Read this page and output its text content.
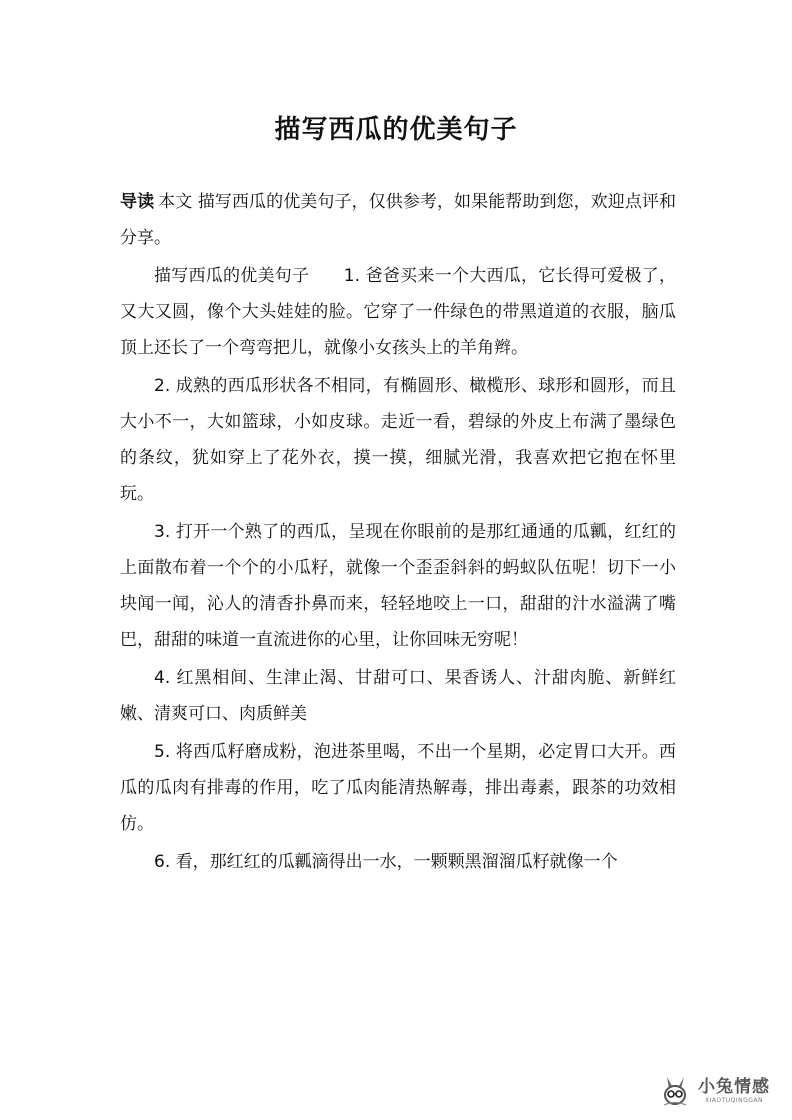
描写西瓜的优美句子

导读 本文 描写西瓜的优美句子，仅供参考，如果能帮助到您，欢迎点评和分享。

描写西瓜的优美句子　　1. 爸爸买来一个大西瓜，它长得可爱极了，又大又圆，像个大头娃娃的脸。它穿了一件绿色的带黑道道的衣服，脑瓜顶上还长了一个弯弯把儿，就像小女孩头上的羊角辫。

2. 成熟的西瓜形状各不相同，有椭圆形、橄榄形、球形和圆形，而且大小不一，大如篮球，小如皮球。走近一看，碧绿的外皮上布满了墨绿色的条纹，犹如穿上了花外衣，摸一摸，细腻光滑，我喜欢把它抱在怀里玩。

3. 打开一个熟了的西瓜，呈现在你眼前的是那红通通的瓜瓤，红红的上面散布着一个个的小瓜籽，就像一个歪歪斜斜的蚂蚁队伍呢！切下一小块闻一闻，沁人的清香扑鼻而来，轻轻地咬上一口，甜甜的汁水溢满了嘴巴，甜甜的味道一直流进你的心里，让你回味无穷呢！

4. 红黑相间、生津止渴、甘甜可口、果香诱人、汁甜肉脆、新鲜红嫩、清爽可口、肉质鲜美

5. 将西瓜籽磨成粉，泡进茶里喝，不出一个星期，必定胃口大开。西瓜的瓜肉有排毒的作用，吃了瓜肉能清热解毒，排出毒素，跟茶的功效相仿。

6. 看，那红红的瓜瓤滴得出一水，一颗颗黑溜溜瓜籽就像一个

小兔情感
XIAOTUQINGGAN
